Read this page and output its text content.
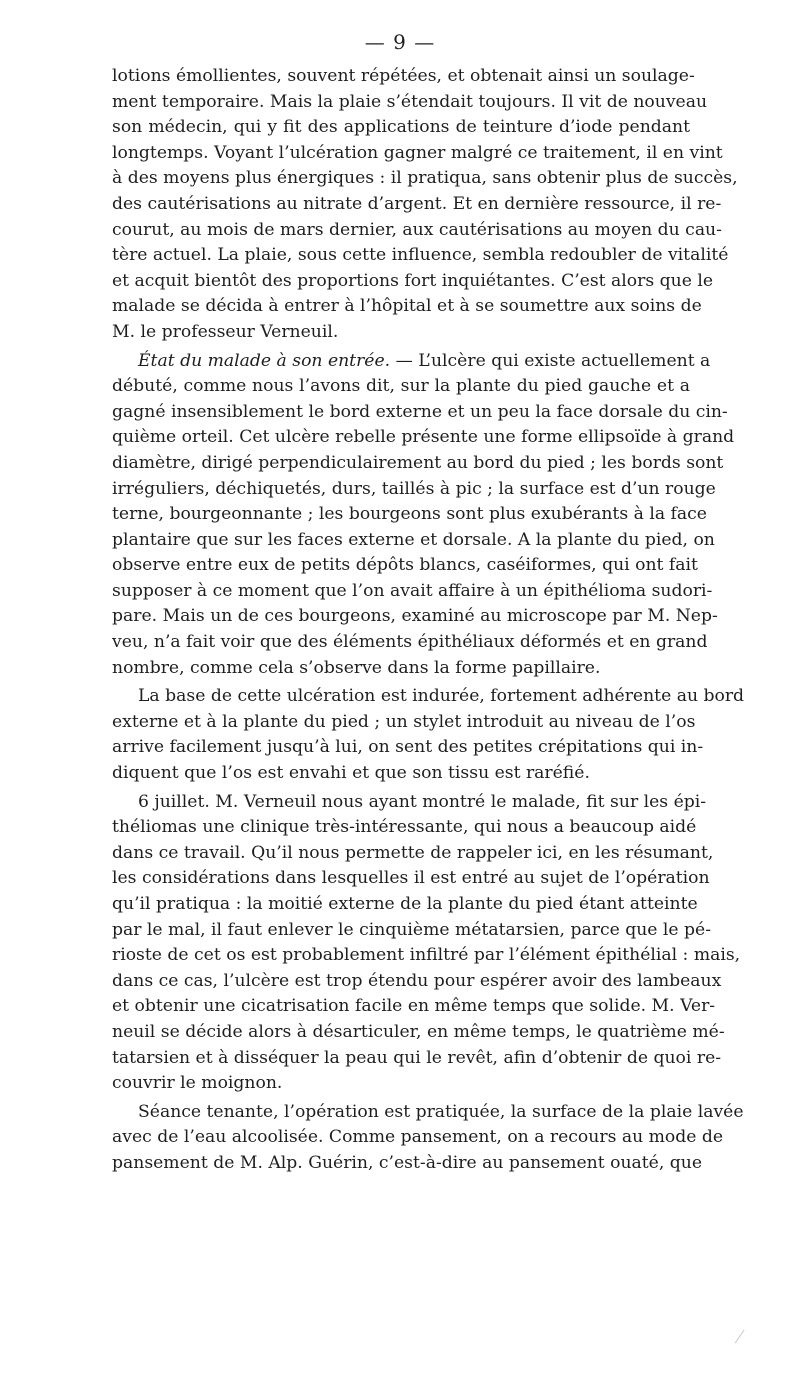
— 9 —
lotions émollientes, souvent répétées, et obtenait ainsi un soulage-
ment temporaire. Mais la plaie s’étendait toujours. Il vit de nouveau
son médecin, qui y fit des applications de teinture d’iode pendant
longtemps. Voyant l’ulcération gagner malgré ce traitement, il en vint
à des moyens plus énergiques : il pratiqua, sans obtenir plus de succès,
des cautérisations au nitrate d’argent. Et en dernière ressource, il re-
courut, au mois de mars dernier, aux cautérisations au moyen du cau-
tère actuel. La plaie, sous cette influence, sembla redoubler de vitalité
et acquit bientôt des proportions fort inquiétantes. C’est alors que le
malade se décida à entrer à l’hôpital et à se soumettre aux soins de
M. le professeur Verneuil.
État du malade à son entrée. — L’ulcère qui existe actuellement a
débuté, comme nous l’avons dit, sur la plante du pied gauche et a
gagné insensiblement le bord externe et un peu la face dorsale du cin-
quième orteil. Cet ulcère rebelle présente une forme ellipsoïde à grand
diamètre, dirigé perpendiculairement au bord du pied ; les bords sont
irréguliers, déchiquetés, durs, taillés à pic ; la surface est d’un rouge
terne, bourgeonnante ; les bourgeons sont plus exubérants à la face
plantaire que sur les faces externe et dorsale. A la plante du pied, on
observe entre eux de petits dépôts blancs, caséiformes, qui ont fait
supposer à ce moment que l’on avait affaire à un épithélioma sudori-
pare. Mais un de ces bourgeons, examiné au microscope par M. Nep-
veu, n’a fait voir que des éléments épithéliaux déformés et en grand
nombre, comme cela s’observe dans la forme papillaire.
La base de cette ulcération est indurée, fortement adhérente au bord
externe et à la plante du pied ; un stylet introduit au niveau de l’os
arrive facilement jusqu’à lui, on sent des petites crépitations qui in-
diquent que l’os est envahi et que son tissu est raréfié.
6 juillet. M. Verneuil nous ayant montré le malade, fit sur les épi-
théliomas une clinique très-intéressante, qui nous a beaucoup aidé
dans ce travail. Qu’il nous permette de rappeler ici, en les résumant,
les considérations dans lesquelles il est entré au sujet de l’opération
qu’il pratiqua : la moitié externe de la plante du pied étant atteinte
par le mal, il faut enlever le cinquième métatarsien, parce que le pé-
rioste de cet os est probablement infiltré par l’élément épithélial : mais,
dans ce cas, l’ulcère est trop étendu pour espérer avoir des lambeaux
et obtenir une cicatrisation facile en même temps que solide. M. Ver-
neuil se décide alors à désarticuler, en même temps, le quatrième mé-
tatarsien et à disséquer la peau qui le revêt, afin d’obtenir de quoi re-
couvrir le moignon.
Séance tenante, l’opération est pratiquée, la surface de la plaie lavée
avec de l’eau alcoolisée. Comme pansement, on a recours au mode de
pansement de M. Alp. Guérin, c’est-à-dire au pansement ouaté, que
